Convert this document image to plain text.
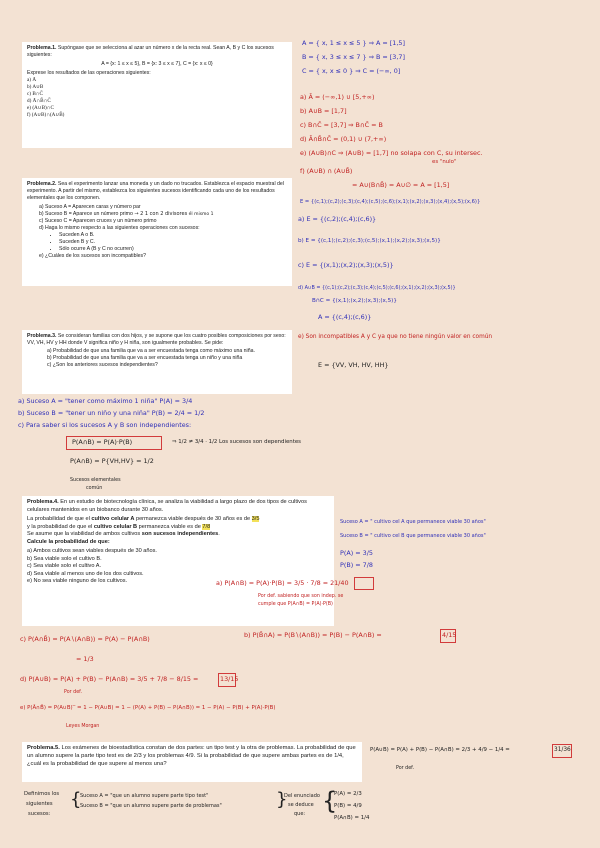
Problema.1. Supóngase que se selecciona al azar un número x de la recta real. Sean A, B y C los sucesos siguientes:

A = {x: 1 ≤ x ≤ 5}, B = {x: 3 ≤ x ≤ 7}, C = {x: x ≤ 0}

Exprese los resultados de las operaciones siguientes:

a) Ā
b) A∪B
c) B∩C̄
d) Ā∩B̄∩C̄
e) (A∪B)∩C
f) (A∪B)∩(A∪B̄)
A = { x, 1 ≤ x ≤ 5 } ⇒ A = [1,5]
B = { x, 3 ≤ x ≤ 7 } ⇒ B = [3,7]
C = { x, x ≤ 0 } ⇒ C = (−∞, 0]
a) Ā = (−∞,1) ∪ [5,+∞)
b) A∪B = [1,7]
c) B∩C̄ = [3,7] ⇒ B∩C̄ = B
d) Ā∩B̄∩C̄ = (0,1) ∪ (7,+∞)
e) (A∪B)∩C ⇒ (A∪B) = [1,7] no solapa con C, su intersec.
es "nulo"
f) (A∪B) ∩ (A∪B̄)
= A∪(B∩B̄) = A∪∅ = A = [1,5]

Problema.2. Sea el experimento lanzar una moneda y un dado no trucados. Establezca el espacio muestral del experimento. A partir del mismo, establezca los siguientes sucesos identificando cada uno de los resultados elementales que los componen.

a) Suceso A = Aparecen caras y número par
b) Suceso B = Aparece un número primo → 2 1 con 2 divisores él mismo 1
c) Suceso C = Aparecen cruces y un número primo
d) Haga lo mismo respecto a las siguientes operaciones con sucesos:
• Suceden A o B.
• Suceden B y C.
• Sólo ocurre A (B y C no ocurren)
e) ¿Cuáles de los sucesos son incompatibles?
E = {(c,1);(c,2);(c,3);(c,4);(c,5);(c,6);(x,1);(x,2);(x,3);(x,4);(x,5);(x,6)}
a) E = {(c,2);(c,4);(c,6)}
b) E = {(c,1);(c,2);(c,3);(c,5);(x,1);(x,2);(x,3);(x,5)}
c) E = {(x,1);(x,2);(x,3);(x,5)}
d) A∪B = {(c,1);(c,2);(c,3);(c,4);(c,5);(c,6);(x,1);(x,2);(x,3);(x,5)}
B∩C = {(x,1);(x,2);(x,3);(x,5)}
A = {(c,4);(c,6)}
e) Son incompatibles A y C ya que no tiene ningún valor en común
E = {VV, VH, HV, HH}

Problema.3. Se consideran familias con dos hijos, y se supone que los cuatro posibles composiciones por sexo: VV, VH, HV y HH donde V significa niño y H niña, son igualmente probables. Se pide:

a) Probabilidad de que una familia que va a ser encuestada tenga como máximo una niña.
b) Probabilidad de que una familia que va a ser encuestada tenga un niño y una niña
c) ¿Son los anteriores sucesos independientes?
a) Suceso A = "tener como máximo 1 niña" P(A) = 3/4
b) Suceso B = "tener un niño y una niña" P(B) = 2/4 = 1/2
c) Para saber si los sucesos A y B son independientes:
P(A∩B) = P(A)·P(B)	⇒ 1/2 ≠ 3/4 · 1/2 Los sucesos son dependientes
P(A∩B) = P{VH,HV} = 1/2
Sucesos elementales
común

Problema.4. En un estudio de biotecnología clínica, se analiza la viabilidad a largo plazo de dos tipos de cultivos celulares mantenidos en un biobanco durante 30 años.

La probabilidad de que el cultivo celular A permanezca viable después de 30 años es de 3/5

y la probabilidad de que el cultivo celular B permanezca viable es de 7/8

Se asume que la viabilidad de ambos cultivos son sucesos independientes.

Calcule la probabilidad de que:

a) Ambos cultivos sean viables después de 30 años.
b) Sea viable solo el cultivo B.
c) Sea viable solo el cultivo A.
d) Sea viable al menos uno de los dos cultivos.
e) No sea viable ninguno de los cultivos.
Suceso A = " cultivo cel A que permanece viable 30 años"
Suceso B = " cultivo cel B que permanece viable 30 años"
P(A) = 3/5
P(B) = 7/8
a) P(A∩B) = P(A)·P(B) = 3/5 · 7/8 = 21/40
Por def. sabiendo que son indep. se
cumple que P(A∩B) = P(A)·P(B)
b) P(B̄∩A) = P(B∖(A∩B)) = P(B) − P(A∩B) =	4/15
c) P(A∩B̄) = P(A∖(A∩B)) = P(A) − P(A∩B)
= 1/3
d) P(A∪B) = P(A) + P(B) − P(A∩B) = 3/5 + 7/8 − 8/15 =	13/15
Por def.
e) P(Ā∩B̄) = P(A∪B)‾ = 1 − P(A∪B) = 1 − (P(A) + P(B) − P(A∩B)) = 1 − P(A) − P(B) + P(A)·P(B)
Leyes Morgan

Problema.5. Los exámenes de bioestadística constan de dos partes: un tipo test y la otra de problemas. La probabilidad de que un alumno supere la parte tipo test es de 2/3 y los problemas 4/9. Si la probabilidad de que supere ambas partes es de 1/4, ¿cuál es la probabilidad de que supere al menos una?

P(A∪B) = P(A) + P(B) − P(A∩B) = 2/3 + 4/9 − 1/4 =	31/36
Por def.
Definimos los
siguientes
sucesos:
{
Suceso A = "que un alumno supere parte tipo test"
Suceso B = "que un alumno supere parte de problemas"	}
Del enunciado
se deduce
que: {
P(A) = 2/3
P(B) = 4/9
P(A∩B) = 1/4
